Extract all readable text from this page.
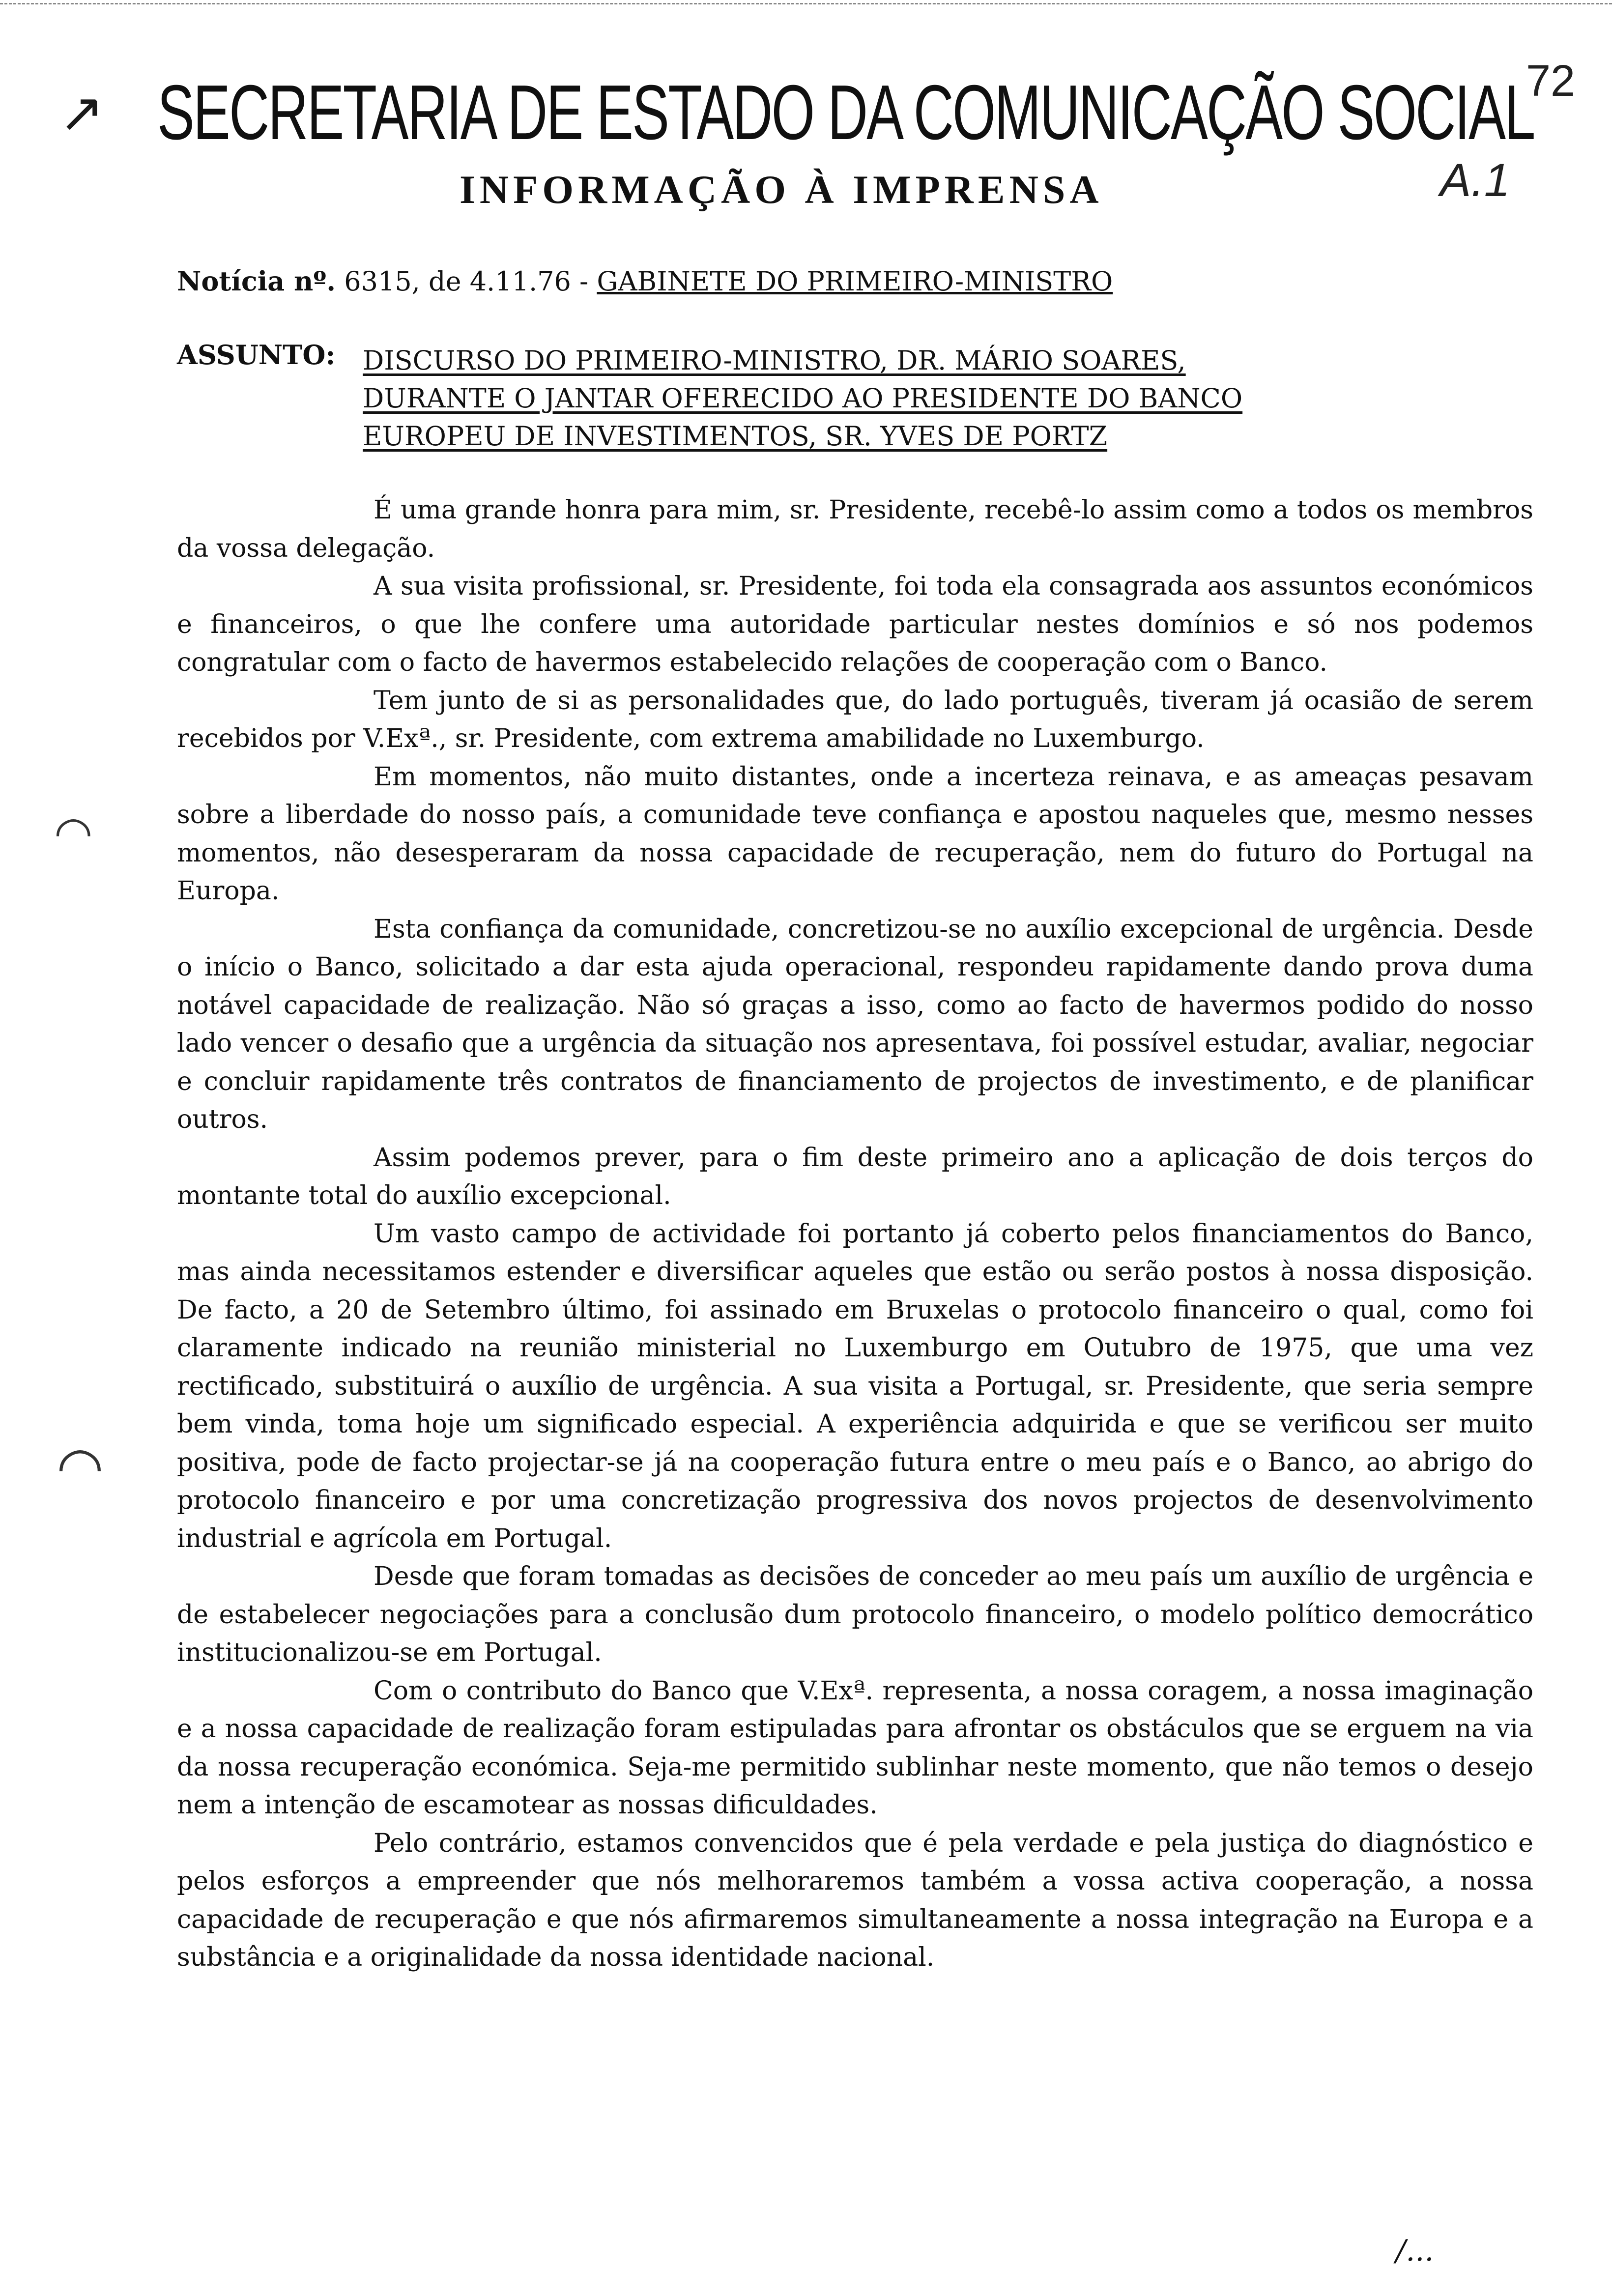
↗ SECRETARIA DE ESTADO DA COMUNICAÇÃO SOCIAL
72
A.1
INFORMAÇÃO À IMPRENSA
Notícia nº. 6315, de 4.11.76 - GABINETE DO PRIMEIRO-MINISTRO
ASSUNTO: DISCURSO DO PRIMEIRO-MINISTRO, DR. MÁRIO SOARES,
DURANTE O JANTAR OFERECIDO AO PRESIDENTE DO BANCO
EUROPEU DE INVESTIMENTOS, SR. YVES DE PORTZ

É uma grande honra para mim, sr. Presidente, recebê-lo assim como a todos os membros da vossa delegação.

A sua visita profissional, sr. Presidente, foi toda ela consagrada aos assuntos económicos e financeiros, o que lhe confere uma autoridade particular nestes domínios e só nos podemos congratular com o facto de havermos estabelecido relações de cooperação com o Banco.

Tem junto de si as personalidades que, do lado português, tiveram já ocasião de serem recebidos por V.Exª., sr. Presidente, com extrema amabilidade no Luxemburgo.

Em momentos, não muito distantes, onde a incerteza reinava, e as ameaças pesavam sobre a liberdade do nosso país, a comunidade teve confiança e apostou naqueles que, mesmo nesses momentos, não desesperaram da nossa capacidade de recuperação, nem do futuro do Portugal na Europa.

Esta confiança da comunidade, concretizou-se no auxílio excepcional de urgência. Desde o início o Banco, solicitado a dar esta ajuda operacional, respondeu rapidamente dando prova duma notável capacidade de realização. Não só graças a isso, como ao facto de havermos podido do nosso lado vencer o desafio que a urgência da situação nos apresentava, foi possível estudar, avaliar, negociar e concluir rapidamente três contratos de financiamento de projectos de investimento, e de planificar outros.

Assim podemos prever, para o fim deste primeiro ano a aplicação de dois terços do montante total do auxílio excepcional.

Um vasto campo de actividade foi portanto já coberto pelos financiamentos do Banco, mas ainda necessitamos estender e diversificar aqueles que estão ou serão postos à nossa disposição. De facto, a 20 de Setembro último, foi assinado em Bruxelas o protocolo financeiro o qual, como foi claramente indicado na reunião ministerial no Luxemburgo em Outubro de 1975, que uma vez rectificado, substituirá o auxílio de urgência. A sua visita a Portugal, sr. Presidente, que seria sempre bem vinda, toma hoje um significado especial. A experiência adquirida e que se verificou ser muito positiva, pode de facto projectar-se já na cooperação futura entre o meu país e o Banco, ao abrigo do protocolo financeiro e por uma concretização progressiva dos novos projectos de desenvolvimento industrial e agrícola em Portugal.

Desde que foram tomadas as decisões de conceder ao meu país um auxílio de urgência e de estabelecer negociações para a conclusão dum protocolo financeiro, o modelo político democrático institucionalizou-se em Portugal.

Com o contributo do Banco que V.Exª. representa, a nossa coragem, a nossa imaginação e a nossa capacidade de realização foram estipuladas para afrontar os obstáculos que se erguem na via da nossa recuperação económica. Seja-me permitido sublinhar neste momento, que não temos o desejo nem a intenção de escamotear as nossas dificuldades.

Pelo contrário, estamos convencidos que é pela verdade e pela justiça do diagnóstico e pelos esforços a empreender que nós melhoraremos também a vossa activa cooperação, a nossa capacidade de recuperação e que nós afirmaremos simultaneamente a nossa integração na Europa e a substância e a originalidade da nossa identidade nacional.

/...
◠
◠
